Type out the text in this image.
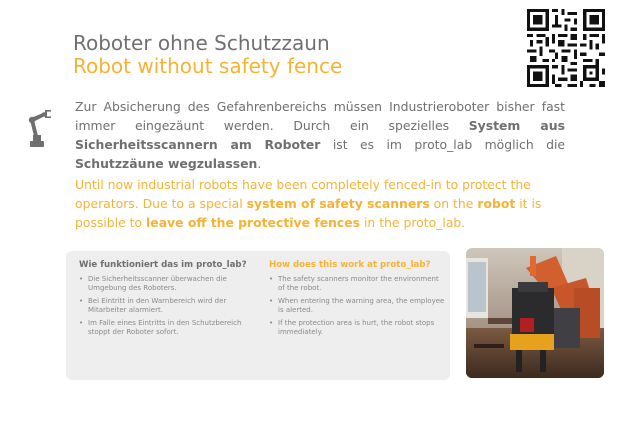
Roboter ohne Schutzzaun
Robot without safety fence
Zur Absicherung des Gefahrenbereichs müssen Industrieroboter bisher fast immer eingezäunt werden. Durch ein spezielles System aus Sicherheitsscannern am Roboter ist es im proto_lab möglich die Schutzzäune wegzulassen.
Until now industrial robots have been completely fenced-in to protect the operators. Due to a special system of safety scanners on the robot it is possible to leave off the protective fences in the proto_lab.
Wie funktioniert das im proto_lab?
• Die Sicherheitsscanner überwachen die Umgebung des Roboters.
• Bei Eintritt in den Warnbereich wird der Mitarbeiter alarmiert.
• Im Falle eines Eintritts in den Schutzbereich stoppt der Roboter sofort.
How does this work at proto_lab?
• The safety scanners monitor the environment of the robot.
• When entering the warning area, the employee is alerted.
• If the protection area is hurt, the robot stops immediately.
